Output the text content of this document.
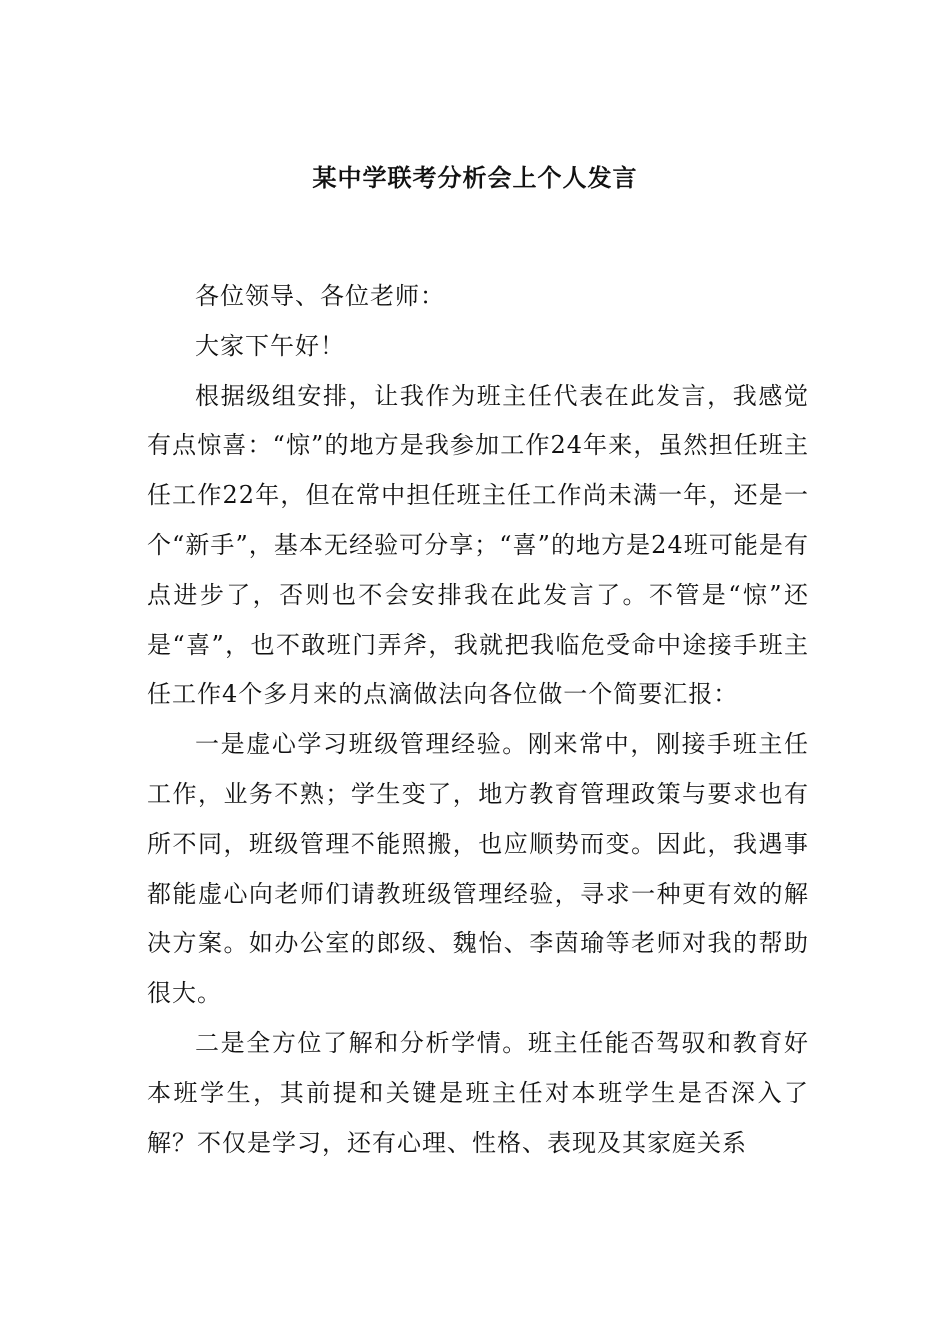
某中学联考分析会上个人发言

各位领导、各位老师：

大家下午好！

根据级组安排，让我作为班主任代表在此发言，我感觉有点惊喜：“惊”的地方是我参加工作24年来，虽然担任班主任工作22年，但在常中担任班主任工作尚未满一年，还是一个“新手”，基本无经验可分享；“喜”的地方是24班可能是有点进步了，否则也不会安排我在此发言了。不管是“惊”还是“喜”，也不敢班门弄斧，我就把我临危受命中途接手班主任工作4个多月来的点滴做法向各位做一个简要汇报：

一是虚心学习班级管理经验。刚来常中，刚接手班主任工作，业务不熟；学生变了，地方教育管理政策与要求也有所不同，班级管理不能照搬，也应顺势而变。因此，我遇事都能虚心向老师们请教班级管理经验，寻求一种更有效的解决方案。如办公室的郎级、魏怡、李茵瑜等老师对我的帮助很大。

二是全方位了解和分析学情。班主任能否驾驭和教育好本班学生，其前提和关键是班主任对本班学生是否深入了解？不仅是学习，还有心理、性格、表现及其家庭关系
